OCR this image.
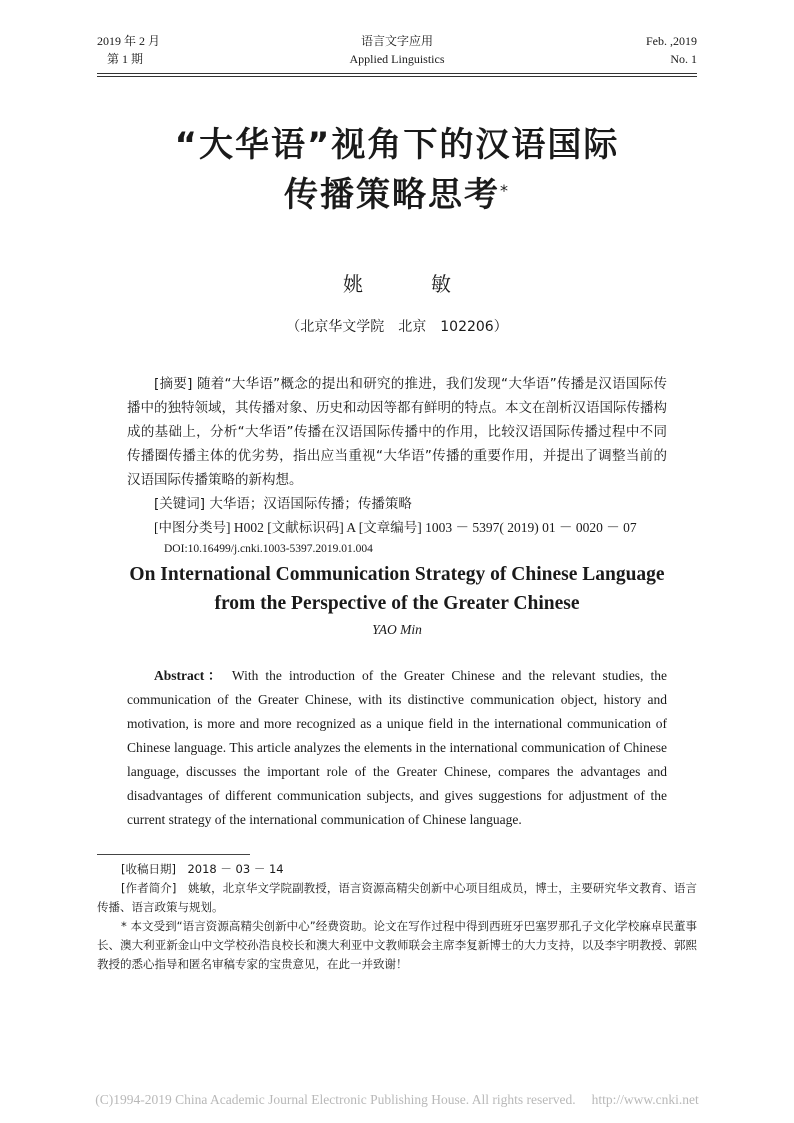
2019 年 2 月
第 1 期
语言文字应用
Applied Linguistics
Feb. ,2019
No. 1
“大华语”视角下的汉语国际
传播策略思考*
姚　敏
（北京华文学院　北京　102206）
[摘要] 随着“大华语”概念的提出和研究的推进，我们发现“大华语”传播是汉语国际传播中的独特领域，其传播对象、历史和动因等都有鲜明的特点。本文在剖析汉语国际传播构成的基础上，分析“大华语”传播在汉语国际传播中的作用，比较汉语国际传播过程中不同传播圈传播主体的优劣势，指出应当重视“大华语”传播的重要作用，并提出了调整当前的汉语国际传播策略的新构想。
[关键词] 大华语；汉语国际传播；传播策略
[中图分类号] H002 [文献标识码] A [文章编号] 1003 － 5397( 2019) 01 － 0020 － 07
DOI:10.16499/j.cnki.1003-5397.2019.01.004
On International Communication Strategy of Chinese Language
from the Perspective of the Greater Chinese
YAO Min
Abstract： With the introduction of the Greater Chinese and the relevant studies, the communication of the Greater Chinese, with its distinctive communication object, history and motivation, is more and more recognized as a unique field in the international communication of Chinese language. This article analyzes the elements in the international communication of Chinese language, discusses the important role of the Greater Chinese, compares the advantages and disadvantages of different communication subjects, and gives suggestions for adjustment of the current strategy of the international communication of Chinese language.
[收稿日期]　2018 － 03 － 14
[作者简介]　姚敏，北京华文学院副教授，语言资源高精尖创新中心项目组成员，博士，主要研究华文教育、语言传播、语言政策与规划。
* 本文受到“语言资源高精尖创新中心”经费资助。论文在写作过程中得到西班牙巴塞罗那孔子文化学校麻卓民董事长、澳大利亚新金山中文学校孙浩良校长和澳大利亚中文教师联会主席李复新博士的大力支持，以及李宇明教授、郭熙教授的悉心指导和匿名审稿专家的宝贵意见，在此一并致谢！
(C)1994-2019 China Academic Journal Electronic Publishing House. All rights reserved. http://www.cnki.net
